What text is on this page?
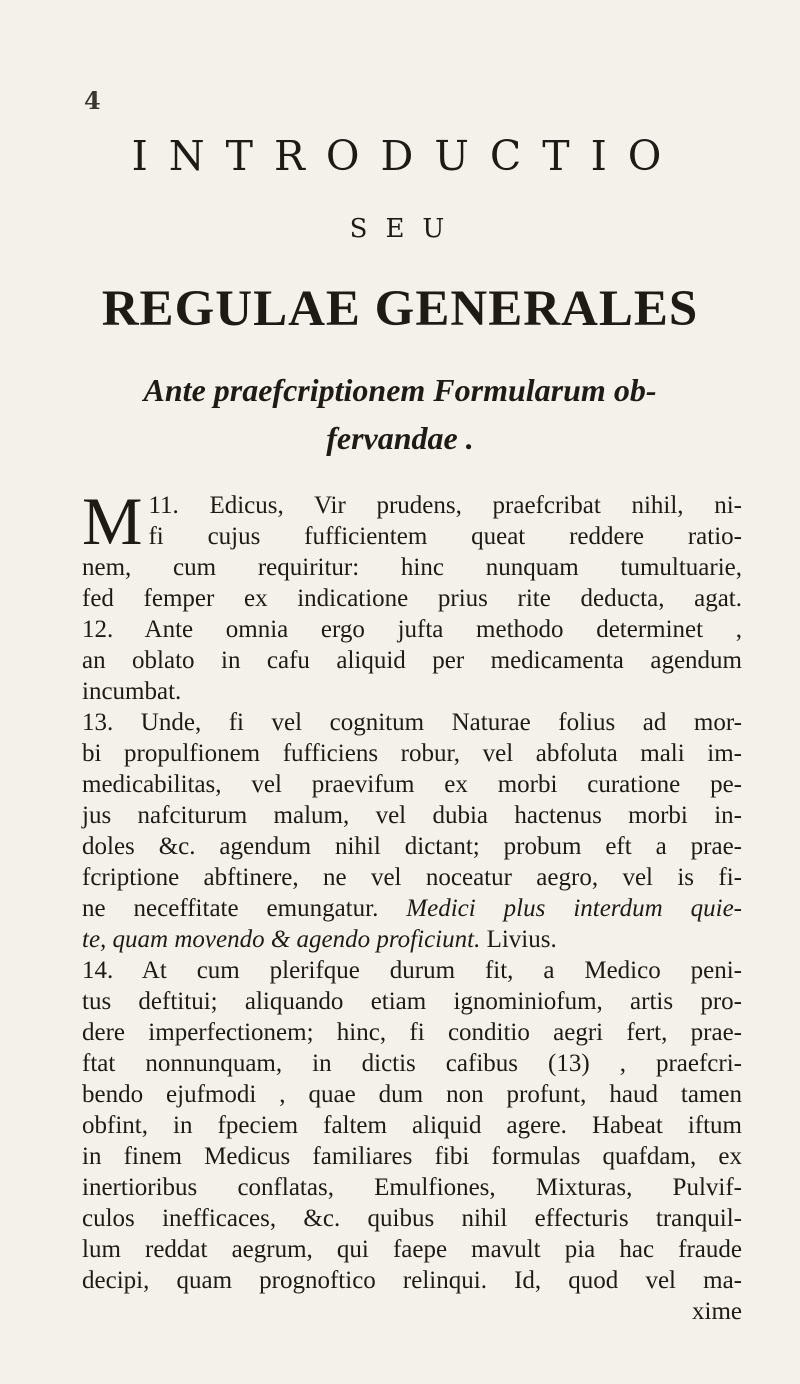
4
INTRODUCTIO
SEU
REGULAE GENERALES
Ante praefcriptionem Formularum ob-
fervandae .
11.
M	Edicus, Vir prudens, praefcribat nihil, ni-
fi cujus fufficientem queat reddere ratio-
nem, cum requiritur: hinc nunquam tumultuarie,
fed femper ex indicatione prius rite deducta, agat.
12. Ante omnia ergo jufta methodo determinet ,
an oblato in cafu aliquid per medicamenta agendum
incumbat.
13. Unde, fi vel cognitum Naturae folius ad mor-
bi propulfionem fufficiens robur, vel abfoluta mali im-
medicabilitas, vel praevifum ex morbi curatione pe-
jus nafciturum malum, vel dubia hactenus morbi in-
doles &c. agendum nihil dictant; probum eft a prae-
fcriptione abftinere, ne vel noceatur aegro, vel is fi-
ne neceffitate emungatur. Medici plus interdum quie-
te, quam movendo & agendo proficiunt. Livius.
14. At cum plerifque durum fit, a Medico peni-
tus deftitui; aliquando etiam ignominiofum, artis pro-
dere imperfectionem; hinc, fi conditio aegri fert, prae-
ftat nonnunquam, in dictis cafibus (13) , praefcri-
bendo ejufmodi , quae dum non profunt, haud tamen
obfint, in fpeciem faltem aliquid agere. Habeat iftum
in finem Medicus familiares fibi formulas quafdam, ex
inertioribus conflatas, Emulfiones, Mixturas, Pulvif-
culos inefficaces, &c. quibus nihil effecturis tranquil-
lum reddat aegrum, qui faepe mavult pia hac fraude
decipi, quam prognoftico relinqui. Id, quod vel ma-
xime
